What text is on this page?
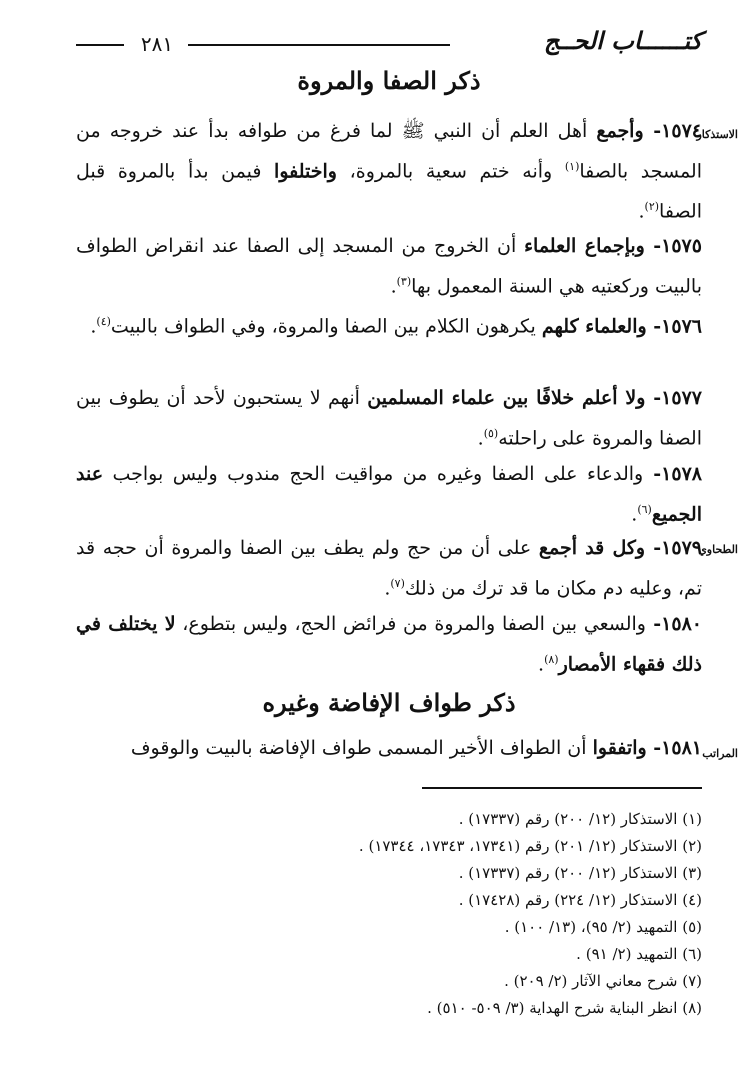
٢٨١	كتــــــاب الحــج
ذكر الصفا والمروة
الاستذكار
١٥٧٤- وأجمع أهل العلم أن النبي ﷺ لما فرغ من طوافه بدأ عند خروجه من المسجد بالصفا$^{(١)}$ وأنه ختم سعية بالمروة، واختلفوا فيمن بدأ بالمروة قبل الصفا$^{(٢)}$.
١٥٧٥- وبإجماع العلماء أن الخروج من المسجد إلى الصفا عند انقراض الطواف بالبيت وركعتيه هي السنة المعمول بها$^{(٣)}$.
١٥٧٦- والعلماء كلهم يكرهون الكلام بين الصفا والمروة، وفي الطواف بالبيت$^{(٤)}$.
١٥٧٧- ولا أعلم خلافًا بين علماء المسلمين أنهم لا يستحبون لأحد أن يطوف بين الصفا والمروة على راحلته$^{(٥)}$.
١٥٧٨- والدعاء على الصفا وغيره من مواقيت الحج مندوب وليس بواجب عند الجميع$^{(٦)}$.
الطحاوي
١٥٧٩- وكل قد أجمع على أن من حج ولم يطف بين الصفا والمروة أن حجه قد تم، وعليه دم مكان ما قد ترك من ذلك$^{(٧)}$.
١٥٨٠- والسعي بين الصفا والمروة من فرائض الحج، وليس بتطوع، لا يختلف في ذلك فقهاء الأمصار$^{(٨)}$.
ذكر طواف الإفاضة وغيره
المراتب
١٥٨١- واتفقوا أن الطواف الأخير المسمى طواف الإفاضة بالبيت والوقوف
(١) الاستذكار (١٢/ ٢٠٠) رقم (١٧٣٣٧) .
(٢) الاستذكار (١٢/ ٢٠١) رقم (١٧٣٤١، ١٧٣٤٣، ١٧٣٤٤) .
(٣) الاستذكار (١٢/ ٢٠٠) رقم (١٧٣٣٧) .
(٤) الاستذكار (١٢/ ٢٢٤) رقم (١٧٤٢٨) .
(٥) التمهيد (٢/ ٩٥)، (١٣/ ١٠٠) .
(٦) التمهيد (٢/ ٩١) .
(٧) شرح معاني الآثار (٢/ ٢٠٩) .
(٨) انظر البناية شرح الهداية (٣/ ٥٠٩- ٥١٠) .
